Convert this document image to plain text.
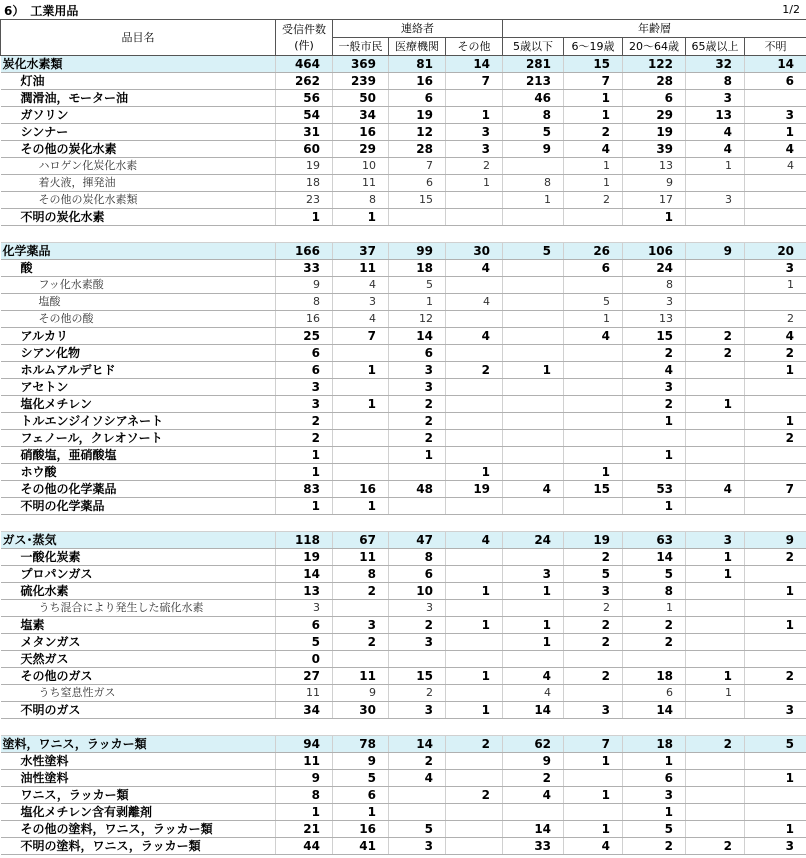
6）　工業用品	1/2
品目名	受信件数(件)	連絡者			年齢層				
		一般市民	医療機関	その他	5歳以下	6～19歳	20～64歳	65歳以上	不明
炭化水素類	464	369	81	14	281	15	122	32	14
灯油	262	239	16	7	213	7	28	8	6
潤滑油，モーター油	56	50	6		46	1	6	3	
ガソリン	54	34	19	1	8	1	29	13	3
シンナー	31	16	12	3	5	2	19	4	1
その他の炭化水素	60	29	28	3	9	4	39	4	4
ハロゲン化炭化水素	19	10	7	2		1	13	1	4
着火液，揮発油	18	11	6	1	8	1	9		
その他の炭化水素類	23	8	15		1	2	17	3	
不明の炭化水素	1	1					1		

化学薬品	166	37	99	30	5	26	106	9	20
酸	33	11	18	4		6	24		3
フッ化水素酸	9	4	5				8		1
塩酸	8	3	1	4		5	3		
その他の酸	16	4	12			1	13		2
アルカリ	25	7	14	4		4	15	2	4
シアン化物	6		6				2	2	2
ホルムアルデヒド	6	1	3	2	1		4		1
アセトン	3		3				3		
塩化メチレン	3	1	2				2	1	
トルエンジイソシアネート	2		2				1		1
フェノール，クレオソート	2		2						2
硝酸塩，亜硝酸塩	1		1				1		
ホウ酸	1			1		1			
その他の化学薬品	83	16	48	19	4	15	53	4	7
不明の化学薬品	1	1					1		

ガス･蒸気	118	67	47	4	24	19	63	3	9
一酸化炭素	19	11	8			2	14	1	2
プロパンガス	14	8	6		3	5	5	1	
硫化水素	13	2	10	1	1	3	8		1
うち混合により発生した硫化水素	3		3			2	1		
塩素	6	3	2	1	1	2	2		1
メタンガス	5	2	3		1	2	2		
天然ガス	0								
その他のガス	27	11	15	1	4	2	18	1	2
うち窒息性ガス	11	9	2		4		6	1	
不明のガス	34	30	3	1	14	3	14		3

塗料，ワニス，ラッカー類	94	78	14	2	62	7	18	2	5
水性塗料	11	9	2		9	1	1		
油性塗料	9	5	4		2		6		1
ワニス，ラッカー類	8	6		2	4	1	3		
塩化メチレン含有剥離剤	1	1					1		
その他の塗料，ワニス，ラッカー類	21	16	5		14	1	5		1
不明の塗料，ワニス，ラッカー類	44	41	3		33	4	2	2	3
